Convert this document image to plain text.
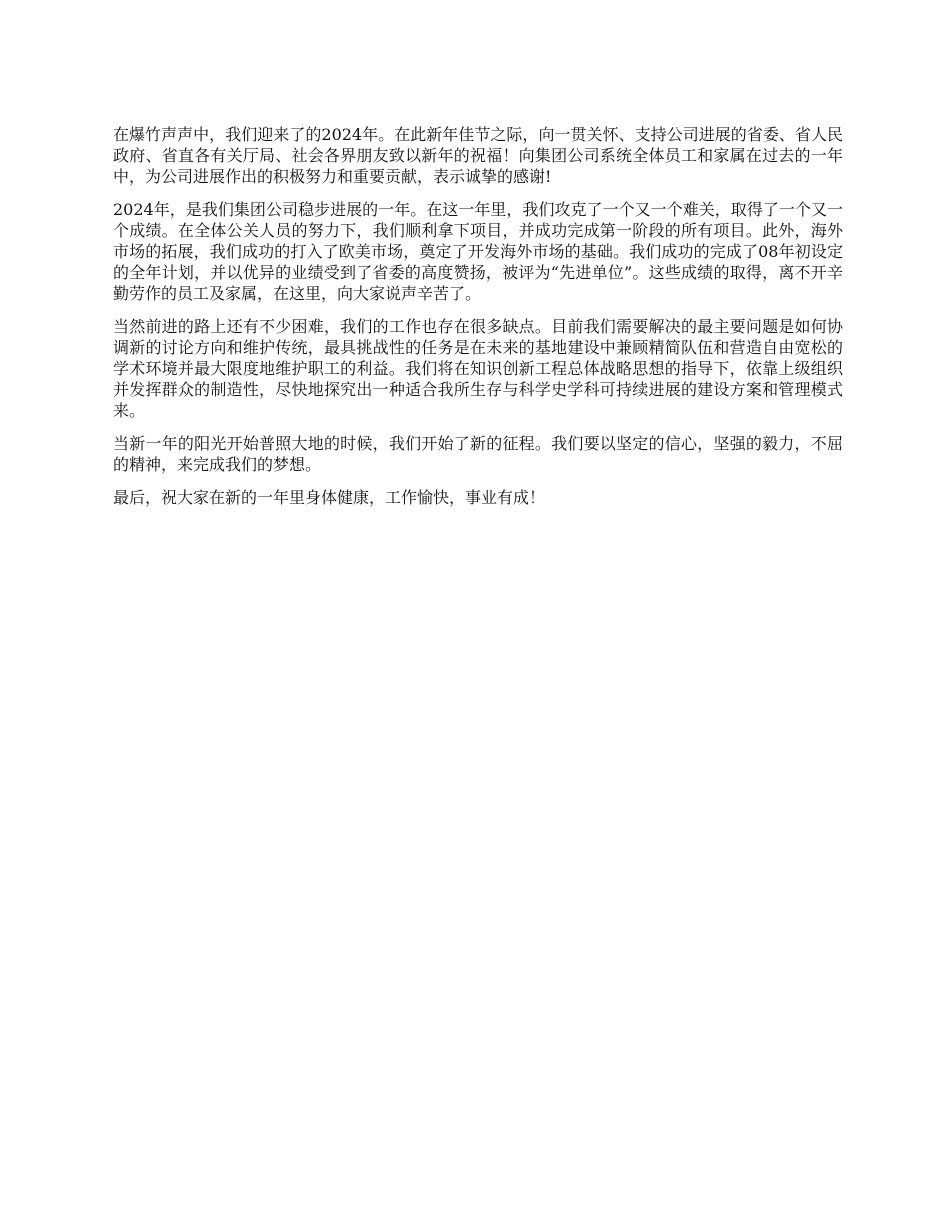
在爆竹声声中，我们迎来了的2024年。在此新年佳节之际，向一贯关怀、支持公司进展的省委、省人民政府、省直各有关厅局、社会各界朋友致以新年的祝福！向集团公司系统全体员工和家属在过去的一年中，为公司进展作出的积极努力和重要贡献，表示诚挚的感谢!

2024年，是我们集团公司稳步进展的一年。在这一年里，我们攻克了一个又一个难关，取得了一个又一个成绩。在全体公关人员的努力下，我们顺利拿下项目，并成功完成第一阶段的所有项目。此外，海外市场的拓展，我们成功的打入了欧美市场，奠定了开发海外市场的基础。我们成功的完成了08年初设定的全年计划，并以优异的业绩受到了省委的高度赞扬，被评为“先进单位”。这些成绩的取得，离不开辛勤劳作的员工及家属，在这里，向大家说声辛苦了。

当然前进的路上还有不少困难，我们的工作也存在很多缺点。目前我们需要解决的最主要问题是如何协调新的讨论方向和维护传统，最具挑战性的任务是在未来的基地建设中兼顾精简队伍和营造自由宽松的学术环境并最大限度地维护职工的利益。我们将在知识创新工程总体战略思想的指导下，依靠上级组织并发挥群众的制造性，尽快地探究出一种适合我所生存与科学史学科可持续进展的建设方案和管理模式来。

当新一年的阳光开始普照大地的时候，我们开始了新的征程。我们要以坚定的信心，坚强的毅力，不屈的精神，来完成我们的梦想。

最后，祝大家在新的一年里身体健康，工作愉快，事业有成！
